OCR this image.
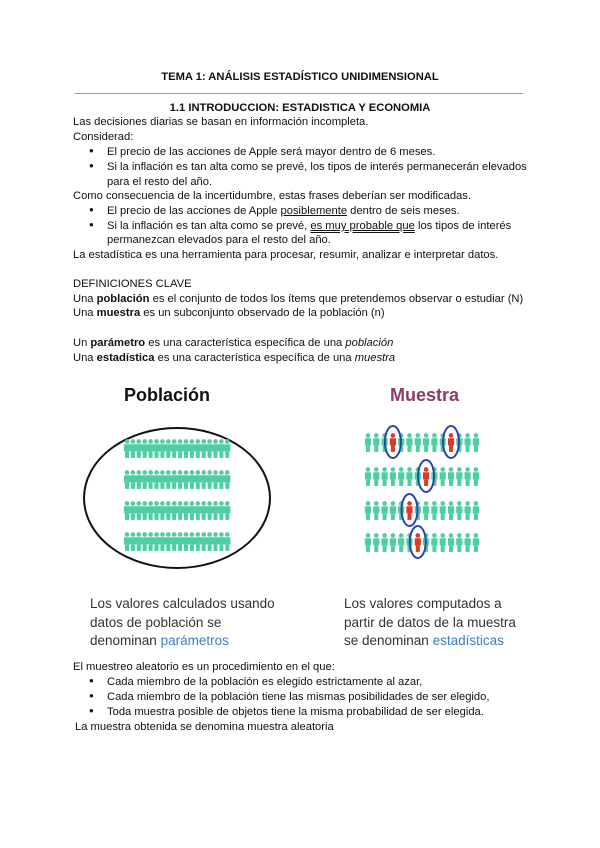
TEMA 1: ANÁLISIS ESTADÍSTICO UNIDIMENSIONAL
1.1 INTRODUCCION: ESTADISTICA Y ECONOMIA
Las decisiones diarias se basan en información incompleta.
Considerad:
●
El precio de las acciones de Apple será mayor dentro de 6 meses.
●
Si la inflación es tan alta como se prevé, los tipos de interés permanecerán elevados
para el resto del año.
Como consecuencia de la incertidumbre, estas frases deberían ser modificadas.
●
El precio de las acciones de Apple posiblemente dentro de seis meses.
●
Si la inflación es tan alta como se prevé, es muy probable que los tipos de interés
permanezcan elevados para el resto del año.
La estadística es una herramienta para procesar, resumir, analizar e interpretar datos.
DEFINICIONES CLAVE
Una población es el conjunto de todos los ítems que pretendemos observar o estudiar (N)
Una muestra es un subconjunto observado de la población (n)
Un parámetro es una característica específica de una población
Una estadística es una característica específica de una muestra
Población	Muestra
Los valores calculados usando
datos de población se
denominan parámetros
Los valores computados a
partir de datos de la muestra
se denominan estadísticas
El muestreo aleatorio es un procedimiento en el que:
●
Cada miembro de la población es elegido estrictamente al azar,
●
Cada miembro de la población tiene las mismas posibilidades de ser elegido,
●
Toda muestra posible de objetos tiene la misma probabilidad de ser elegida.
La muestra obtenida se denomina muestra aleatoria
